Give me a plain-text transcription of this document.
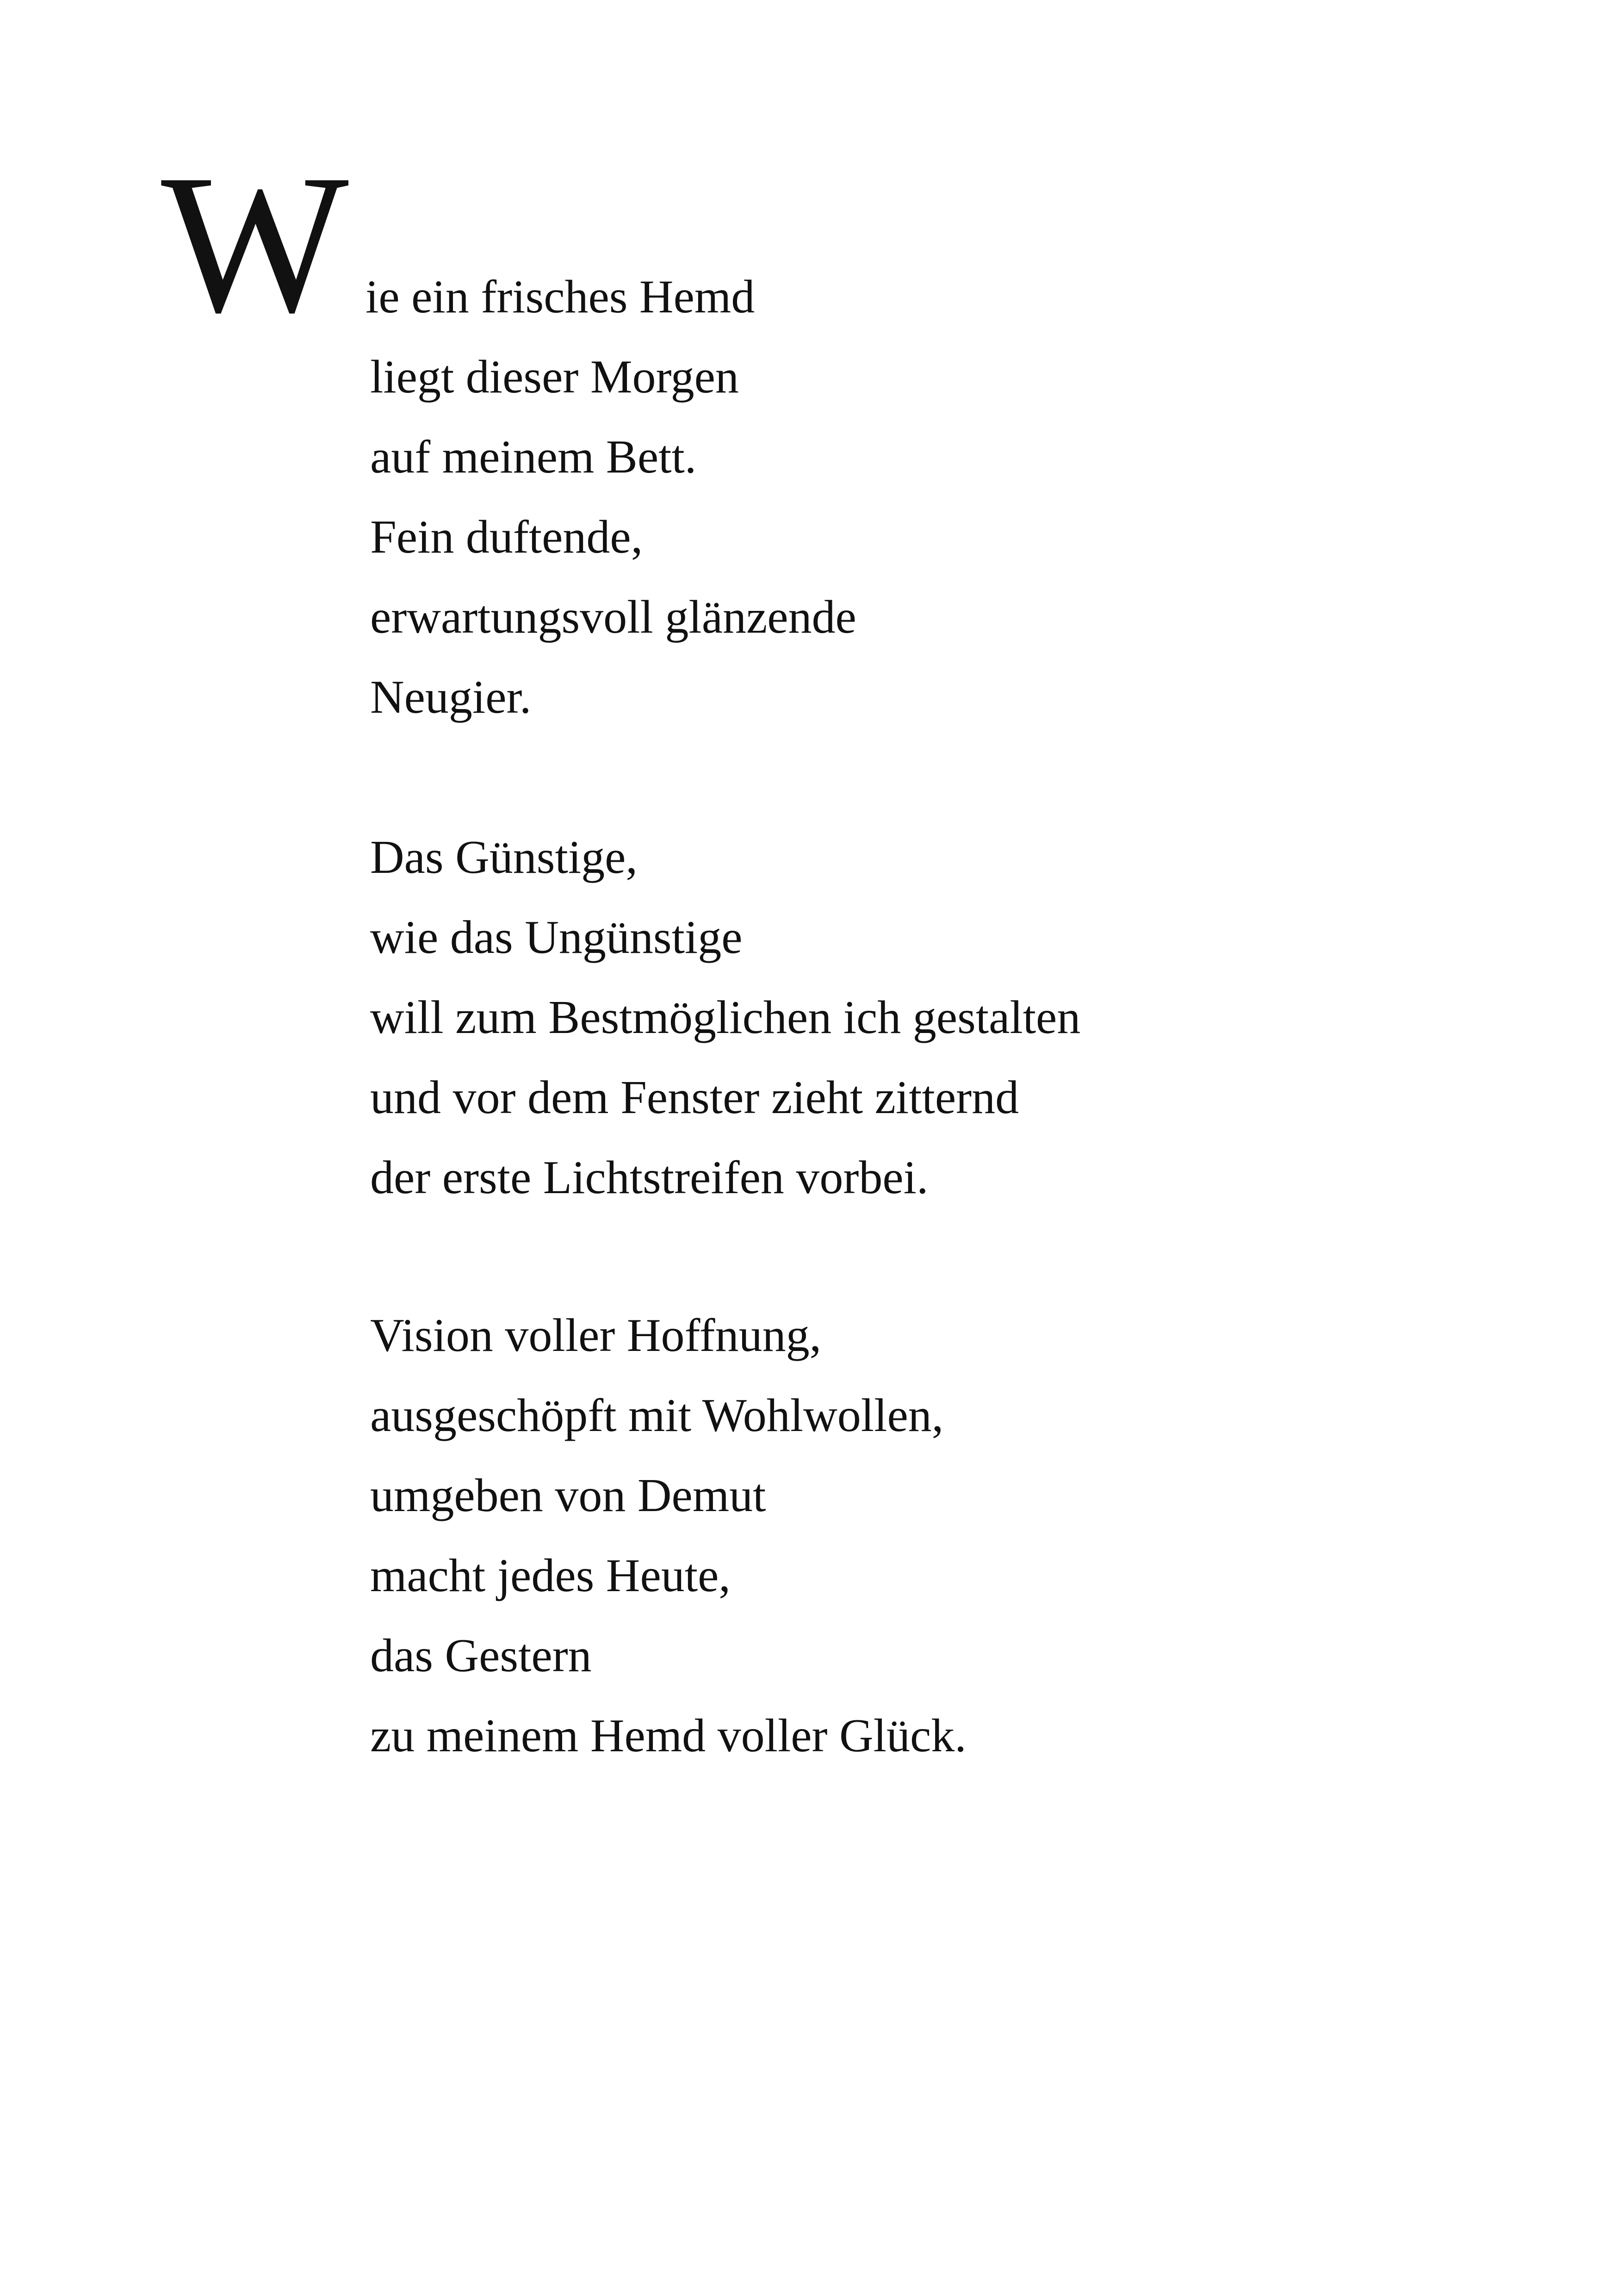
W ie ein frisches Hemd

liegt dieser Morgen

auf meinem Bett.

Fein duftende,

erwartungsvoll glänzende

Neugier.

Das Günstige,

wie das Ungünstige

will zum Bestmöglichen ich gestalten

und vor dem Fenster zieht zitternd

der erste Lichtstreifen vorbei.

Vision voller Hoffnung,

ausgeschöpft mit Wohlwollen,

umgeben von Demut

macht jedes Heute,

das Gestern

zu meinem Hemd voller Glück.
